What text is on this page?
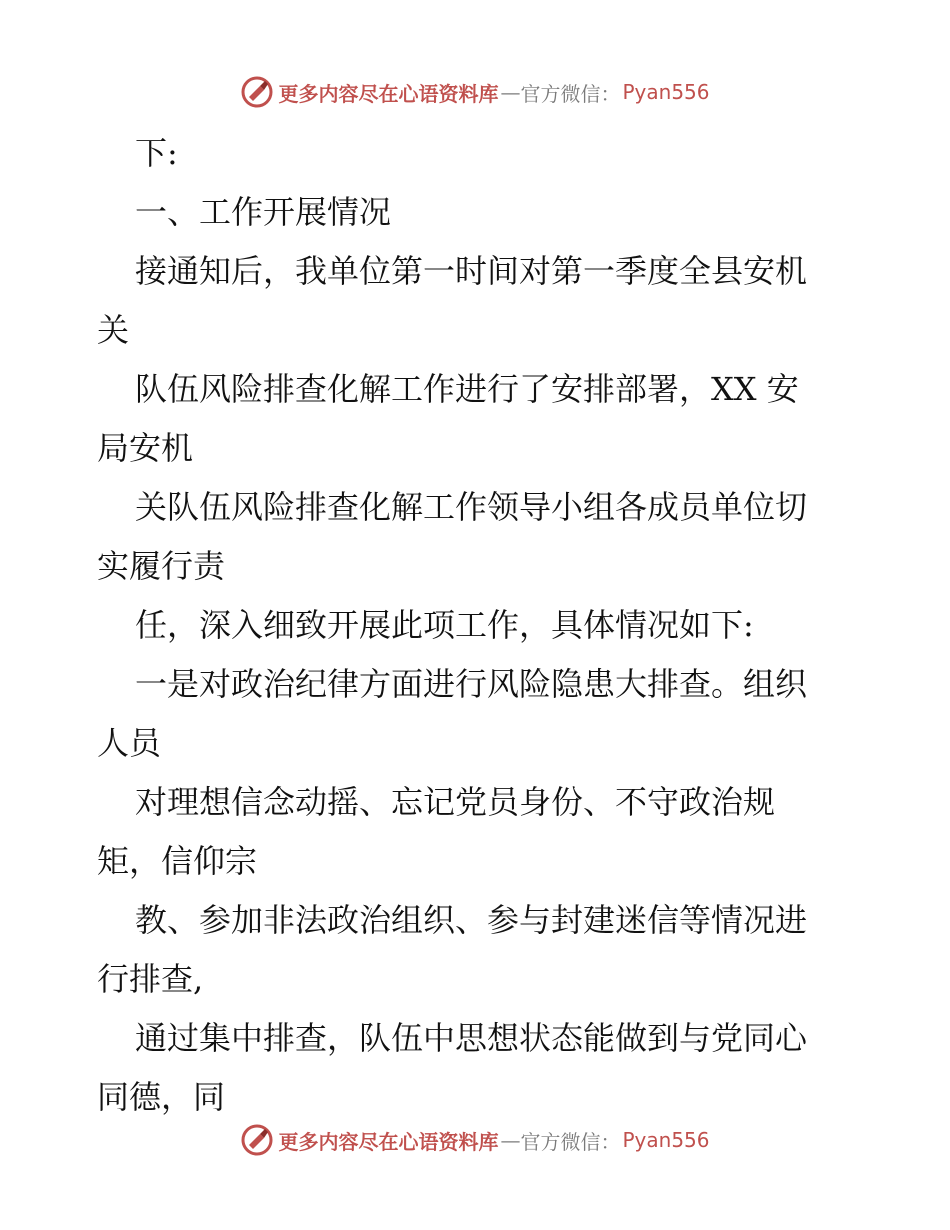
更多内容尽在心语资料库 — 官方微信： Pyan556
下:
一、工作开展情况
接通知后，我单位第一时间对第一季度全县安机
关
队伍风险排查化解工作进行了安排部署，XX 安
局安机
关队伍风险排查化解工作领导小组各成员单位切
实履行责
任，深入细致开展此项工作，具体情况如下:
一是对政治纪律方面进行风险隐患大排查。组织
人员
对理想信念动摇、忘记党员身份、不守政治规
矩，信仰宗
教、参加非法政治组织、参与封建迷信等情况进
行排查,
通过集中排查，队伍中思想状态能做到与党同心
同德，同
更多内容尽在心语资料库 — 官方微信： Pyan556
